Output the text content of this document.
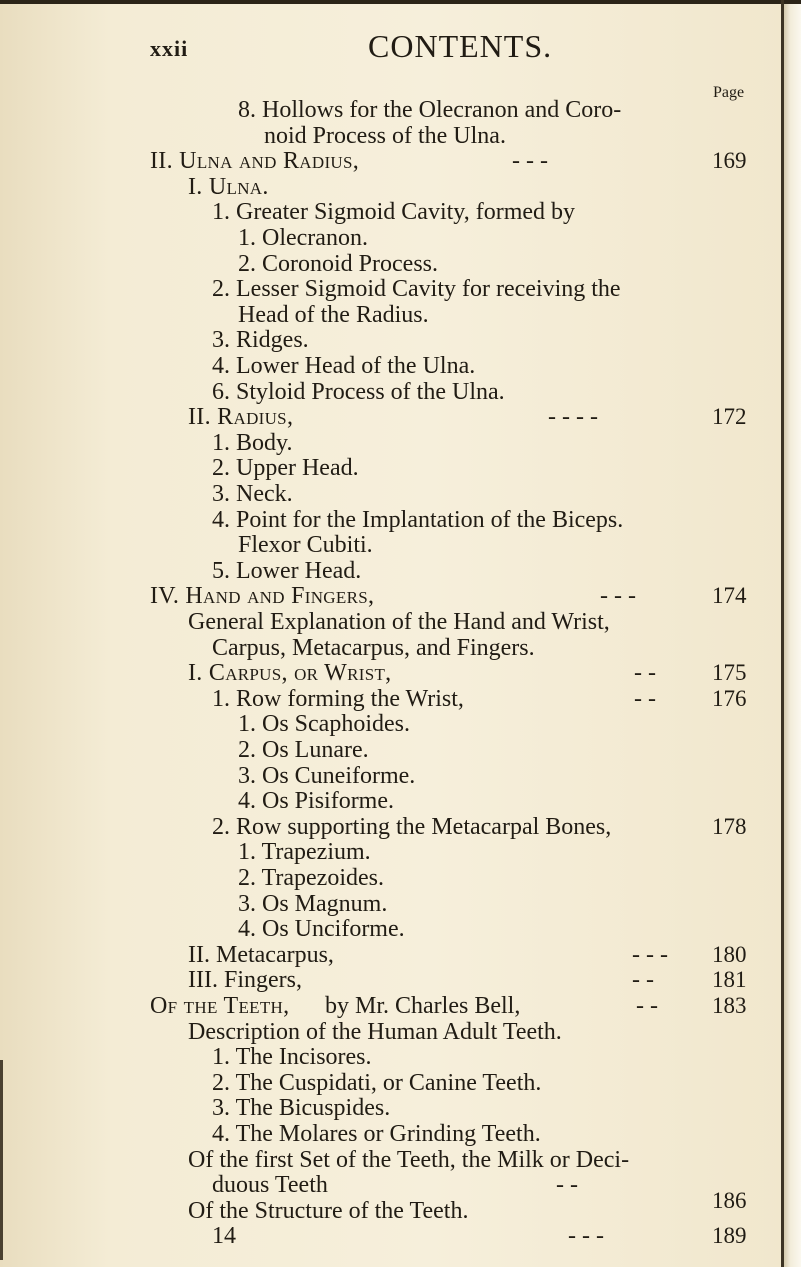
xxii	CONTENTS.
Page
8. Hollows for the Olecranon and Coro-
noid Process of the Ulna.
II. Ulna and Radius,
I. Ulna.
1. Greater Sigmoid Cavity, formed by
1. Olecranon.
2. Coronoid Process.
2. Lesser Sigmoid Cavity for receiving the
Head of the Radius.
3. Ridges.
4. Lower Head of the Ulna.
6. Styloid Process of the Ulna.
II. Radius,
1. Body.
2. Upper Head.
3. Neck.
4. Point for the Implantation of the Biceps.
Flexor Cubiti.
5. Lower Head.
IV. Hand and Fingers,
General Explanation of the Hand and Wrist,
Carpus, Metacarpus, and Fingers.
I. Carpus, or Wrist,
1. Row forming the Wrist,
1. Os Scaphoides.
2. Os Lunare.
3. Os Cuneiforme.
4. Os Pisiforme.
2. Row supporting the Metacarpal Bones,
1. Trapezium.
2. Trapezoides.
3. Os Magnum.
4. Os Unciforme.
II. Metacarpus,
III. Fingers,
Of the Teeth, by Mr. Charles Bell,
Description of the Human Adult Teeth.
1. The Incisores.
2. The Cuspidati, or Canine Teeth.
3. The Bicuspides.
4. The Molares or Grinding Teeth.
- - -
- - - -
- - -
- -
- -
- - -
- -
- -
169
172
174
175
176
178
180
181
183
Of the first Set of the Teeth, the Milk or Deci-
duous Teeth
Of the Structure of the Teeth.
14
- -
- - -
186
189
